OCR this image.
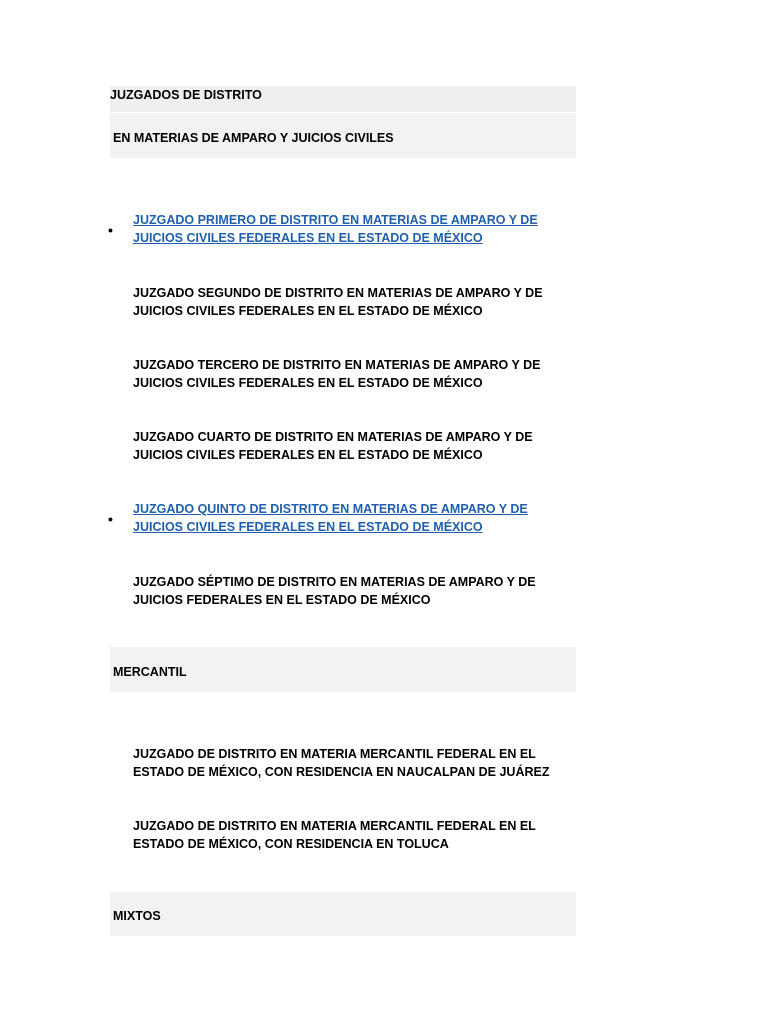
JUZGADOS DE DISTRITO
EN MATERIAS DE AMPARO Y JUICIOS CIVILES
•
JUZGADO PRIMERO DE DISTRITO EN MATERIAS DE AMPARO Y DE JUICIOS CIVILES FEDERALES EN EL ESTADO DE MÉXICO
JUZGADO SEGUNDO DE DISTRITO EN MATERIAS DE AMPARO Y DE JUICIOS CIVILES FEDERALES EN EL ESTADO DE MÉXICO
JUZGADO TERCERO DE DISTRITO EN MATERIAS DE AMPARO Y DE JUICIOS CIVILES FEDERALES EN EL ESTADO DE MÉXICO
JUZGADO CUARTO DE DISTRITO EN MATERIAS DE AMPARO Y DE JUICIOS CIVILES FEDERALES EN EL ESTADO DE MÉXICO
•
JUZGADO QUINTO DE DISTRITO EN MATERIAS DE AMPARO Y DE JUICIOS CIVILES FEDERALES EN EL ESTADO DE MÉXICO
JUZGADO SÉPTIMO DE DISTRITO EN MATERIAS DE AMPARO Y DE JUICIOS FEDERALES EN EL ESTADO DE MÉXICO
MERCANTIL
JUZGADO DE DISTRITO EN MATERIA MERCANTIL FEDERAL EN EL ESTADO DE MÉXICO, CON RESIDENCIA EN NAUCALPAN DE JUÁREZ
JUZGADO DE DISTRITO EN MATERIA MERCANTIL FEDERAL EN EL ESTADO DE MÉXICO, CON RESIDENCIA EN TOLUCA
MIXTOS
